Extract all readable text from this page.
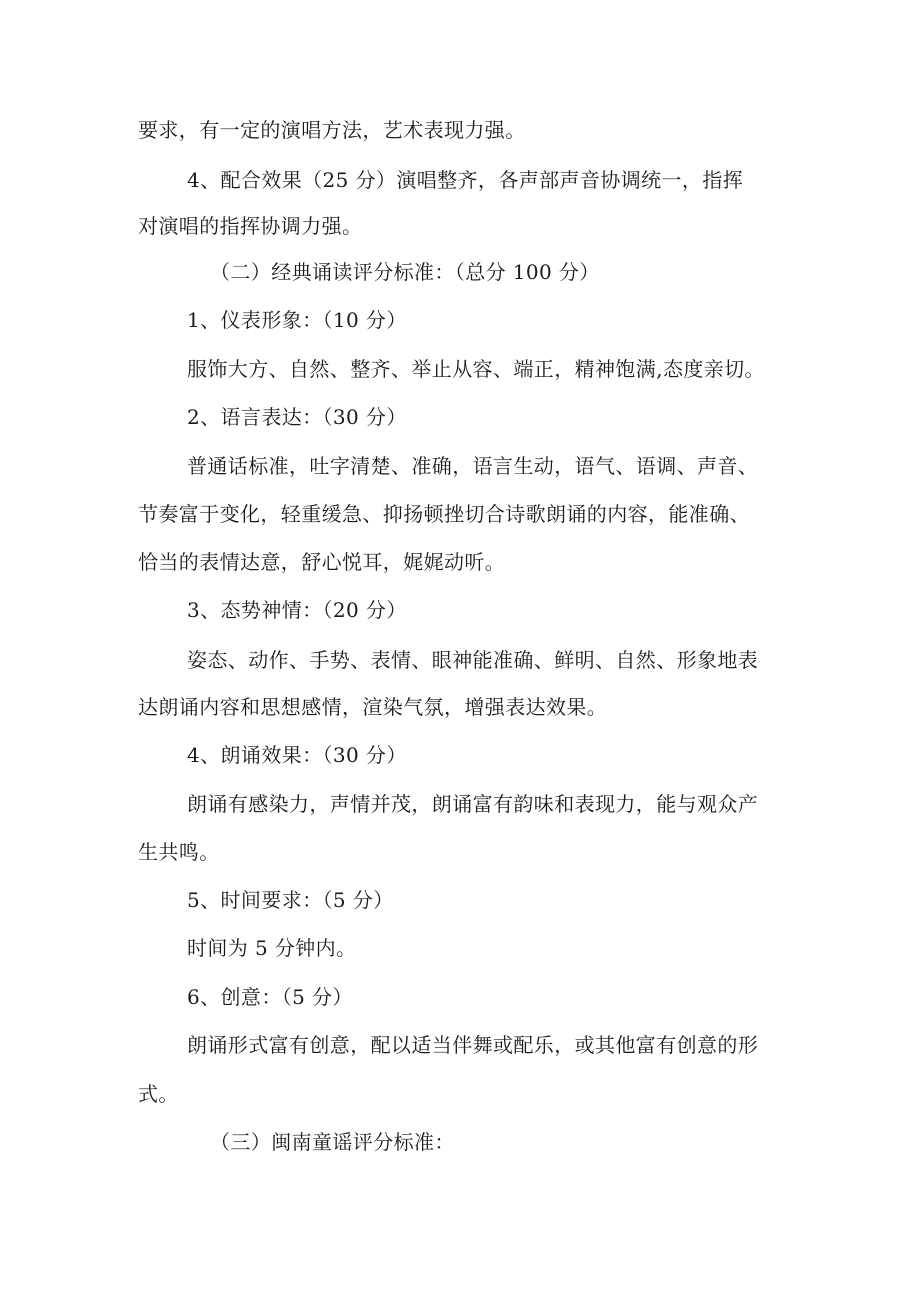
要求，有一定的演唱方法，艺术表现力强。
4、配合效果（25 分）演唱整齐，各声部声音协调统一，指挥
对演唱的指挥协调力强。
（二）经典诵读评分标准：（总分 100 分）
1、仪表形象：（10 分）
服饰大方、自然、整齐、举止从容、端正，精神饱满,态度亲切。
2、语言表达：（30 分）
普通话标准，吐字清楚、准确，语言生动，语气、语调、声音、
节奏富于变化，轻重缓急、抑扬顿挫切合诗歌朗诵的内容，能准确、
恰当的表情达意，舒心悦耳，娓娓动听。
3、态势神情：（20 分）
姿态、动作、手势、表情、眼神能准确、鲜明、自然、形象地表
达朗诵内容和思想感情，渲染气氛，增强表达效果。
4、朗诵效果：（30 分）
朗诵有感染力，声情并茂，朗诵富有韵味和表现力，能与观众产
生共鸣。
5、时间要求：（5 分）
时间为 5 分钟内。
6、创意：（5 分）
朗诵形式富有创意，配以适当伴舞或配乐，或其他富有创意的形
式。
（三）闽南童谣评分标准：
